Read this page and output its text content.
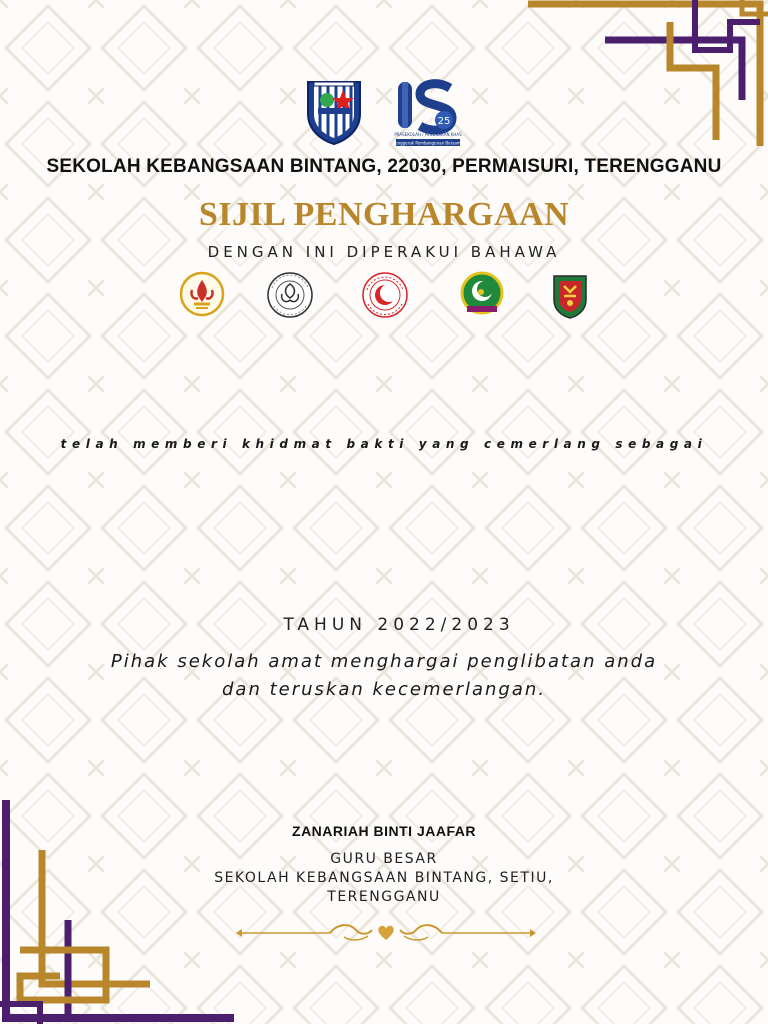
25
PRASEKOLAH / PENDIDIKAN KHAS
Penggerak Pembangunan Bersama
SEKOLAH KEBANGSAAN BINTANG, 22030, PERMAISURI, TERENGGANU
SIJIL PENGHARGAAN
DENGAN INI DIPERAKUI BAHAWA
telah memberi khidmat bakti yang cemerlang sebagai
TAHUN 2022/2023
Pihak sekolah amat menghargai penglibatan anda
dan teruskan kecemerlangan.
ZANARIAH BINTI JAAFAR
GURU BESAR
SEKOLAH KEBANGSAAN BINTANG, SETIU,
TERENGGANU
